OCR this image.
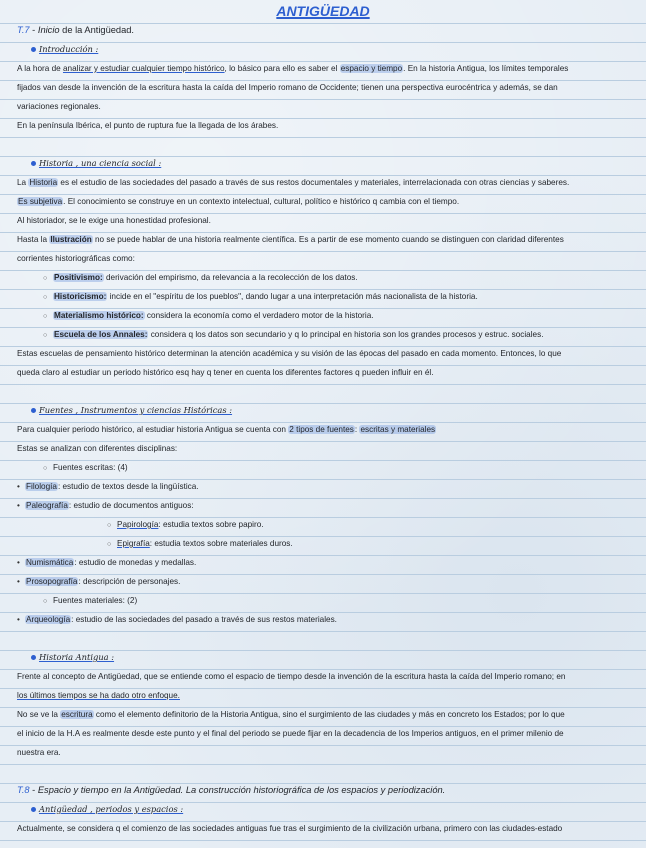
ANTIGÜEDAD
T.7 - Inicio de la Antigüedad.
Introducción :
A la hora de analizar y estudiar cualquier tiempo histórico, lo básico para ello es saber el espacio y tiempo. En la historia Antigua, los límites temporales
fijados van desde la invención de la escritura hasta la caída del Imperio romano de Occidente; tienen una perspectiva eurocéntrica y además, se dan
variaciones regionales.
En la península Ibérica, el punto de ruptura fue la llegada de los árabes.
Historia , una ciencia social :
La Historia es el estudio de las sociedades del pasado a través de sus restos documentales y materiales, interrelacionada con otras ciencias y saberes.
Es subjetiva. El conocimiento se construye en un contexto intelectual, cultural, político e histórico q cambia con el tiempo.
Al historiador, se le exige una honestidad profesional.
Hasta la Ilustración no se puede hablar de una historia realmente científica. Es a partir de ese momento cuando se distinguen con claridad diferentes
corrientes historiográficas como:
○ Positivismo: derivación del empirismo, da relevancia a la recolección de los datos.
○ Historicismo: incide en el "espíritu de los pueblos", dando lugar a una interpretación más nacionalista de la historia.
○ Materialismo histórico: considera la economía como el verdadero motor de la historia.
○ Escuela de los Annales: considera q los datos son secundario y q lo principal en historia son los grandes procesos y estruc. sociales.
Estas escuelas de pensamiento histórico determinan la atención académica y su visión de las épocas del pasado en cada momento. Entonces, lo que
queda claro al estudiar un periodo histórico esq hay q tener en cuenta los diferentes factores q pueden influir en él.
Fuentes , Instrumentos y ciencias Históricas :
Para cualquier periodo histórico, al estudiar historia Antigua se cuenta con 2 tipos de fuentes: escritas y materiales
Estas se analizan con diferentes disciplinas:
○ Fuentes escritas: (4)
• Filología: estudio de textos desde la lingüística.
• Paleografía: estudio de documentos antiguos:
○ Papirología: estudia textos sobre papiro.
○ Epigrafía: estudia textos sobre materiales duros.
• Numismática: estudio de monedas y medallas.
• Prosopografía: descripción de personajes.
○ Fuentes materiales: (2)
• Arqueología: estudio de las sociedades del pasado a través de sus restos materiales.
Historia Antigua :
Frente al concepto de Antigüedad, que se entiende como el espacio de tiempo desde la invención de la escritura hasta la caída del Imperio romano; en
los últimos tiempos se ha dado otro enfoque.
No se ve la escritura como el elemento definitorio de la Historia Antigua, sino el surgimiento de las ciudades y más en concreto los Estados; por lo que
el inicio de la H.A es realmente desde este punto y el final del periodo se puede fijar en la decadencia de los Imperios antiguos, en el primer milenio de
nuestra era.
T.8 - Espacio y tiempo en la Antigüedad. La construcción historiográfica de los espacios y periodización.
Antigüedad , periodos y espacios :
Actualmente, se considera q el comienzo de las sociedades antiguas fue tras el surgimiento de la civilización urbana, primero con las ciudades-estado
